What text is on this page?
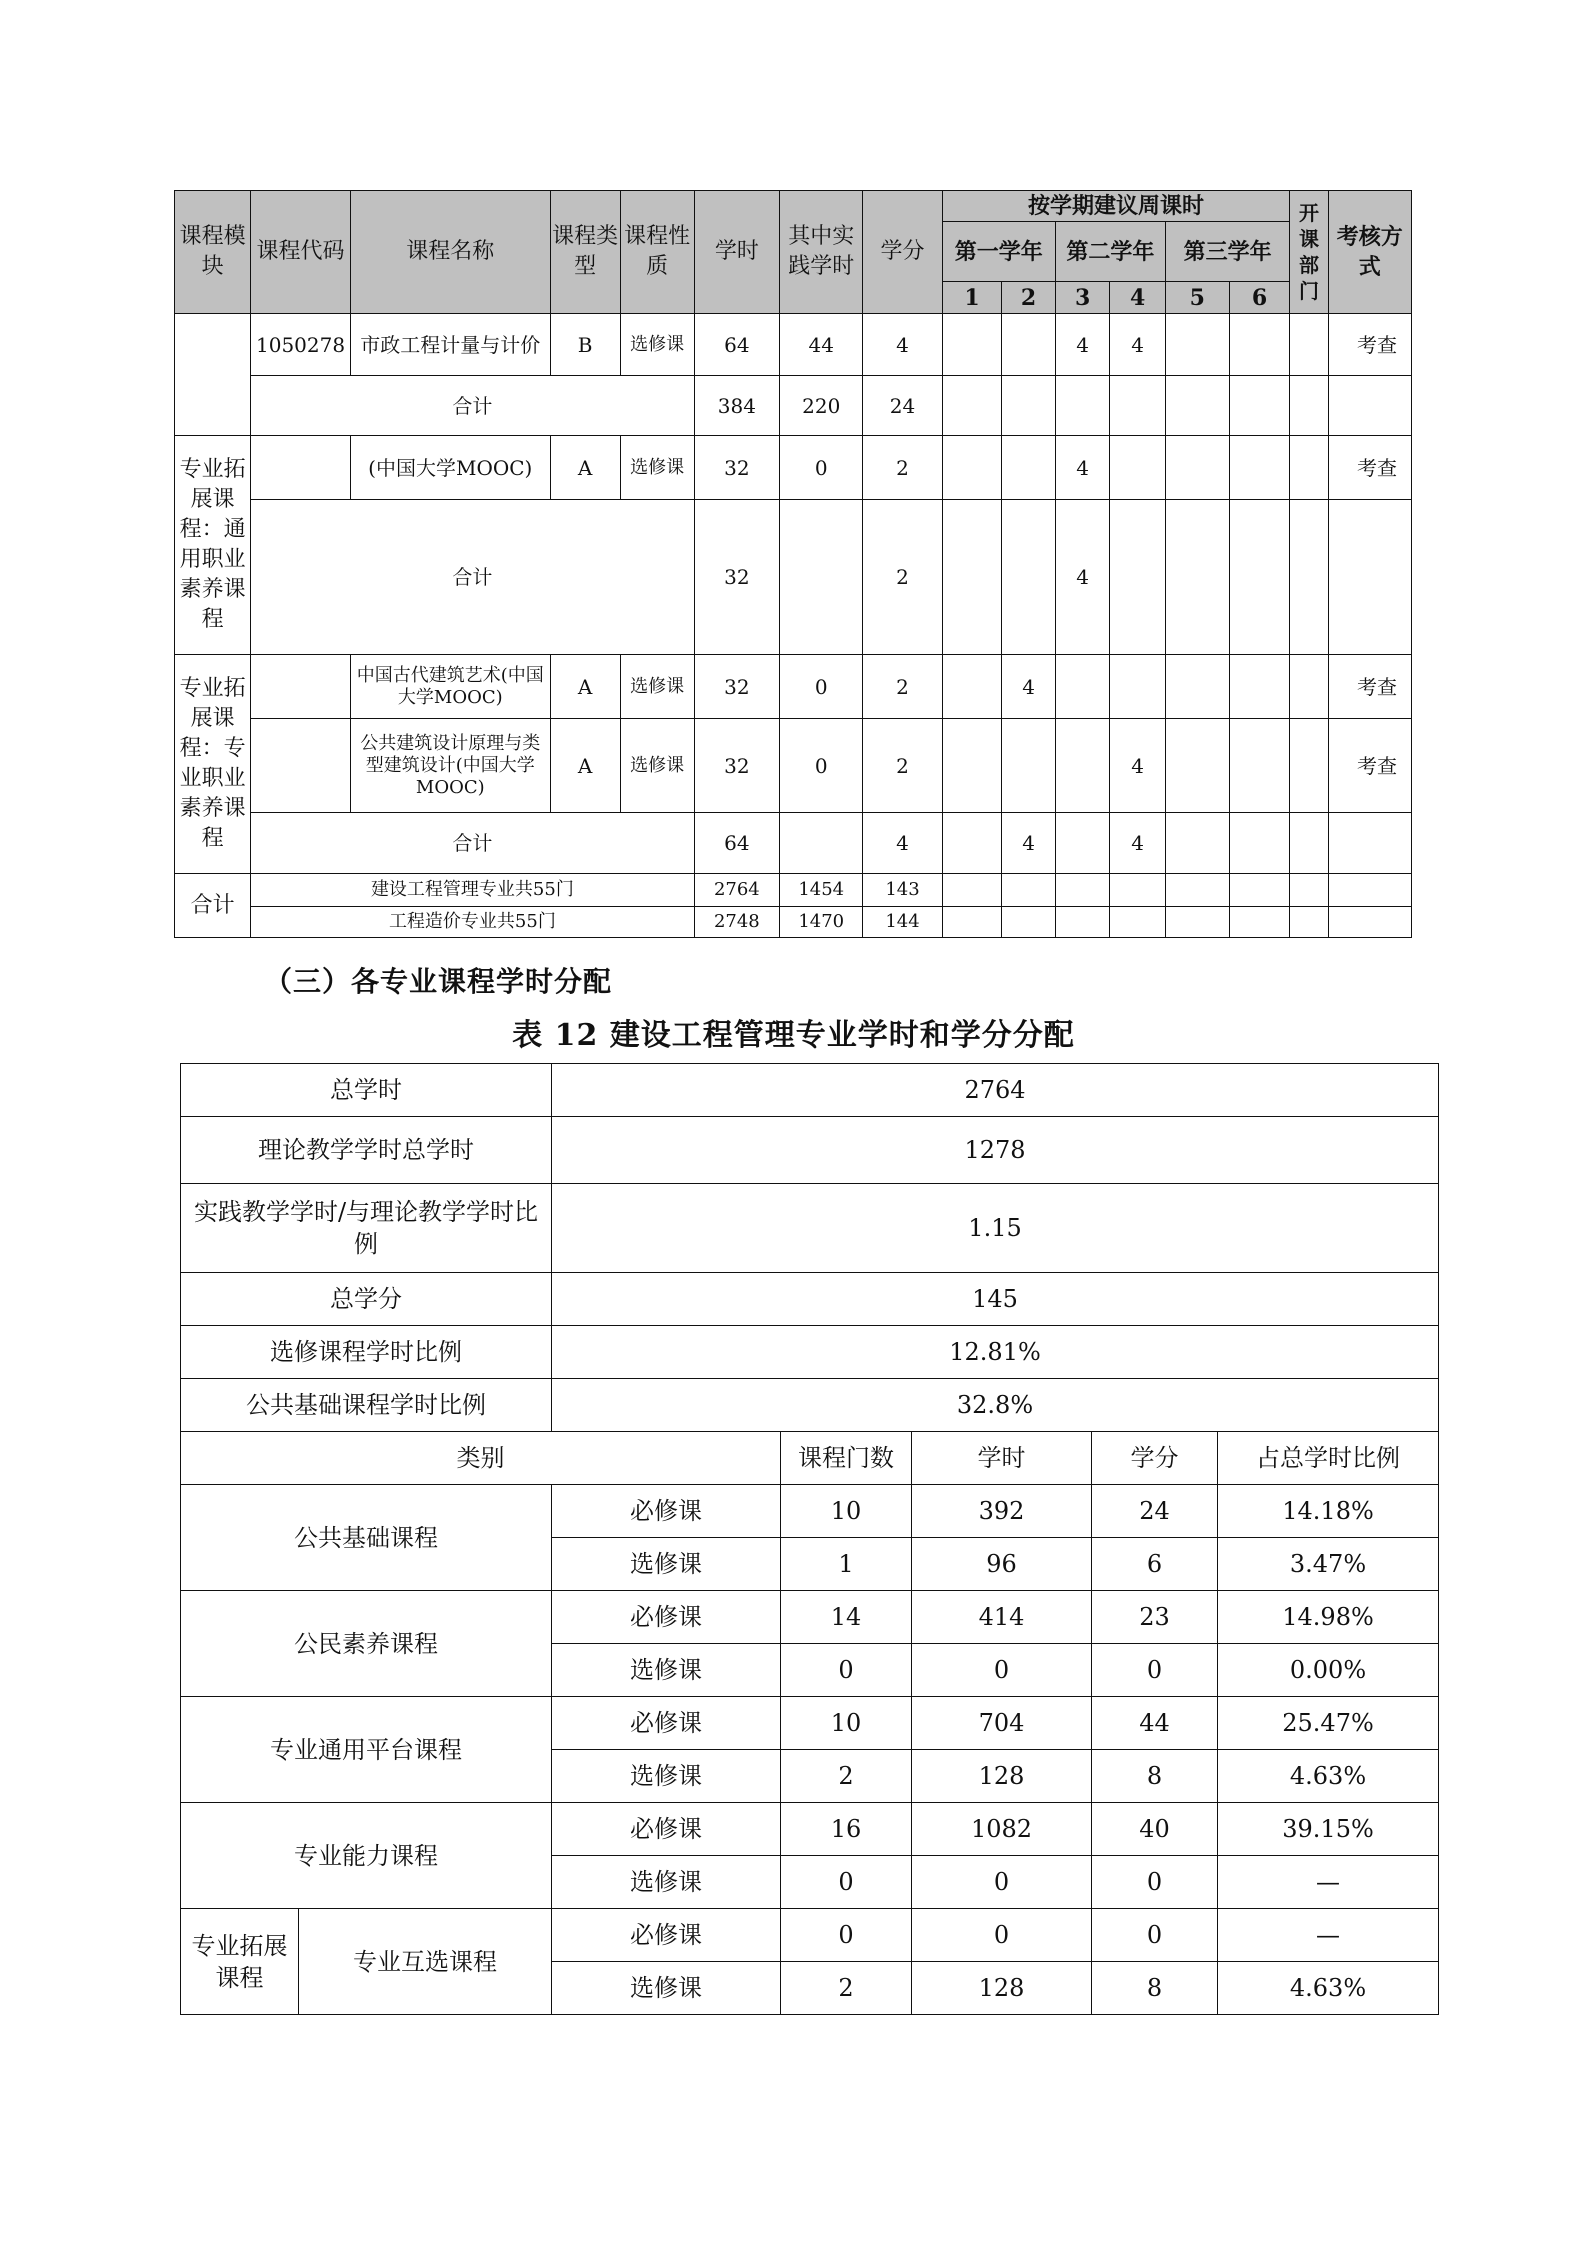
课程模块	课程代码	课程名称	课程类型	课程性质	学时	其中实践学时	学分	按学期建议周课时						开课部门	考核方式
								第一学年		第二学年		第三学年			
								1	2	3	4	5	6		
	1050278	市政工程计量与计价	B	选修课	64	44	4			4	4				考查
	合计				384	220	24								
专业拓展课程：通用职业素养课程		(中国大学MOOC)	A	选修课	32	0	2			4					考查
	合计				32		2			4					
专业拓展课程：专业职业素养课程		中国古代建筑艺术(中国大学MOOC)	A	选修课	32	0	2		4						考查
		公共建筑设计原理与类型建筑设计(中国大学MOOC)	A	选修课	32	0	2				4				考查
	合计				64		4		4		4				
合计	建设工程管理专业共55门				2764	1454	143								
	工程造价专业共55门				2748	1470	144								
（三）各专业课程学时分配
表 12 建设工程管理专业学时和学分分配
总学时		2764				
理论教学学时总学时		1278				
实践教学学时/与理论教学学时比例		1.15				
总学分		145				
选修课程学时比例		12.81%				
公共基础课程学时比例		32.8%				
类别			课程门数	学时	学分	占总学时比例
公共基础课程		必修课	10	392	24	14.18%
		选修课	1	96	6	3.47%
公民素养课程		必修课	14	414	23	14.98%
		选修课	0	0	0	0.00%
专业通用平台课程		必修课	10	704	44	25.47%
		选修课	2	128	8	4.63%
专业能力课程		必修课	16	1082	40	39.15%
		选修课	0	0	0	—
专业拓展课程	专业互选课程	必修课	0	0	0	—
		选修课	2	128	8	4.63%
